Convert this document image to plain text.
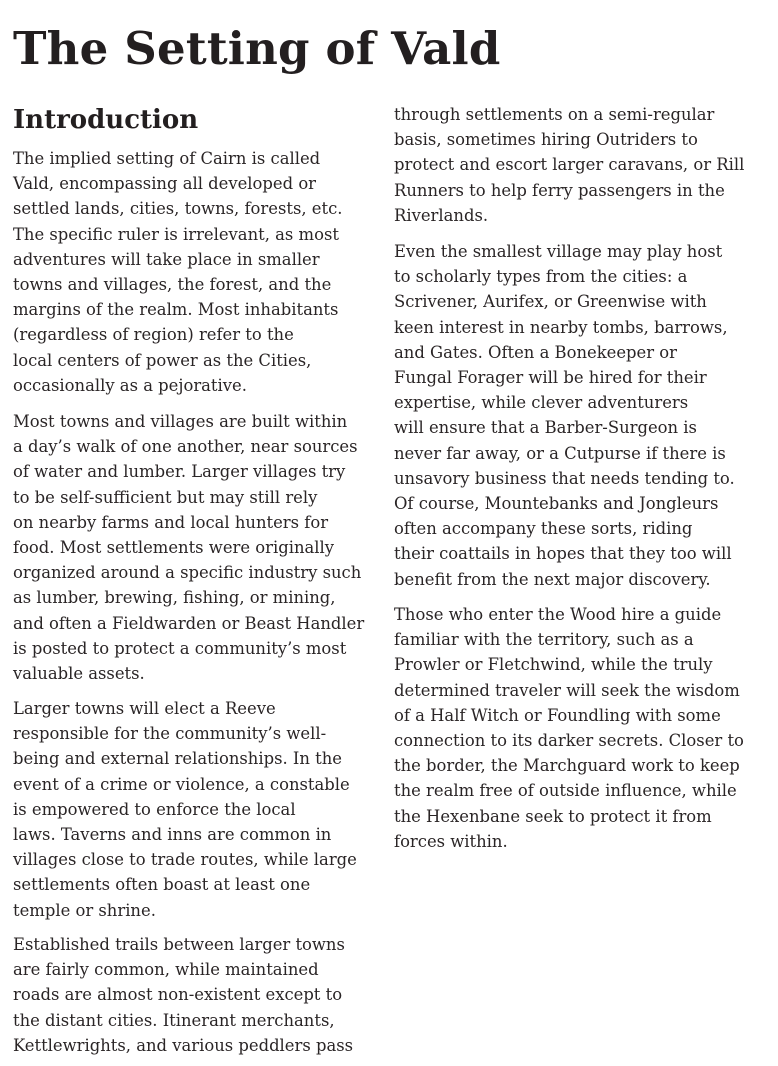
The Setting of Vald
Introduction

The implied setting of Cairn is called
Vald, encompassing all developed or
settled lands, cities, towns, forests, etc.
The specific ruler is irrelevant, as most
adventures will take place in smaller
towns and villages, the forest, and the
margins of the realm. Most inhabitants
(regardless of region) refer to the
local centers of power as the Cities,
occasionally as a pejorative.

Most towns and villages are built within
a day’s walk of one another, near sources
of water and lumber. Larger villages try
to be self-sufficient but may still rely
on nearby farms and local hunters for
food. Most settlements were originally
organized around a specific industry such
as lumber, brewing, fishing, or mining,
and often a Fieldwarden or Beast Handler
is posted to protect a community’s most
valuable assets.

Larger towns will elect a Reeve
responsible for the community’s well-
being and external relationships. In the
event of a crime or violence, a constable
is empowered to enforce the local
laws. Taverns and inns are common in
villages close to trade routes, while large
settlements often boast at least one
temple or shrine.

Established trails between larger towns
are fairly common, while maintained
roads are almost non-existent except to
the distant cities. Itinerant merchants,
Kettlewrights, and various peddlers pass

through settlements on a semi-regular
basis, sometimes hiring Outriders to
protect and escort larger caravans, or Rill
Runners to help ferry passengers in the
Riverlands.

Even the smallest village may play host
to scholarly types from the cities: a
Scrivener, Aurifex, or Greenwise with
keen interest in nearby tombs, barrows,
and Gates. Often a Bonekeeper or
Fungal Forager will be hired for their
expertise, while clever adventurers
will ensure that a Barber-Surgeon is
never far away, or a Cutpurse if there is
unsavory business that needs tending to.
Of course, Mountebanks and Jongleurs
often accompany these sorts, riding
their coattails in hopes that they too will
benefit from the next major discovery.

Those who enter the Wood hire a guide
familiar with the territory, such as a
Prowler or Fletchwind, while the truly
determined traveler will seek the wisdom
of a Half Witch or Foundling with some
connection to its darker secrets. Closer to
the border, the Marchguard work to keep
the realm free of outside influence, while
the Hexenbane seek to protect it from
forces within.
